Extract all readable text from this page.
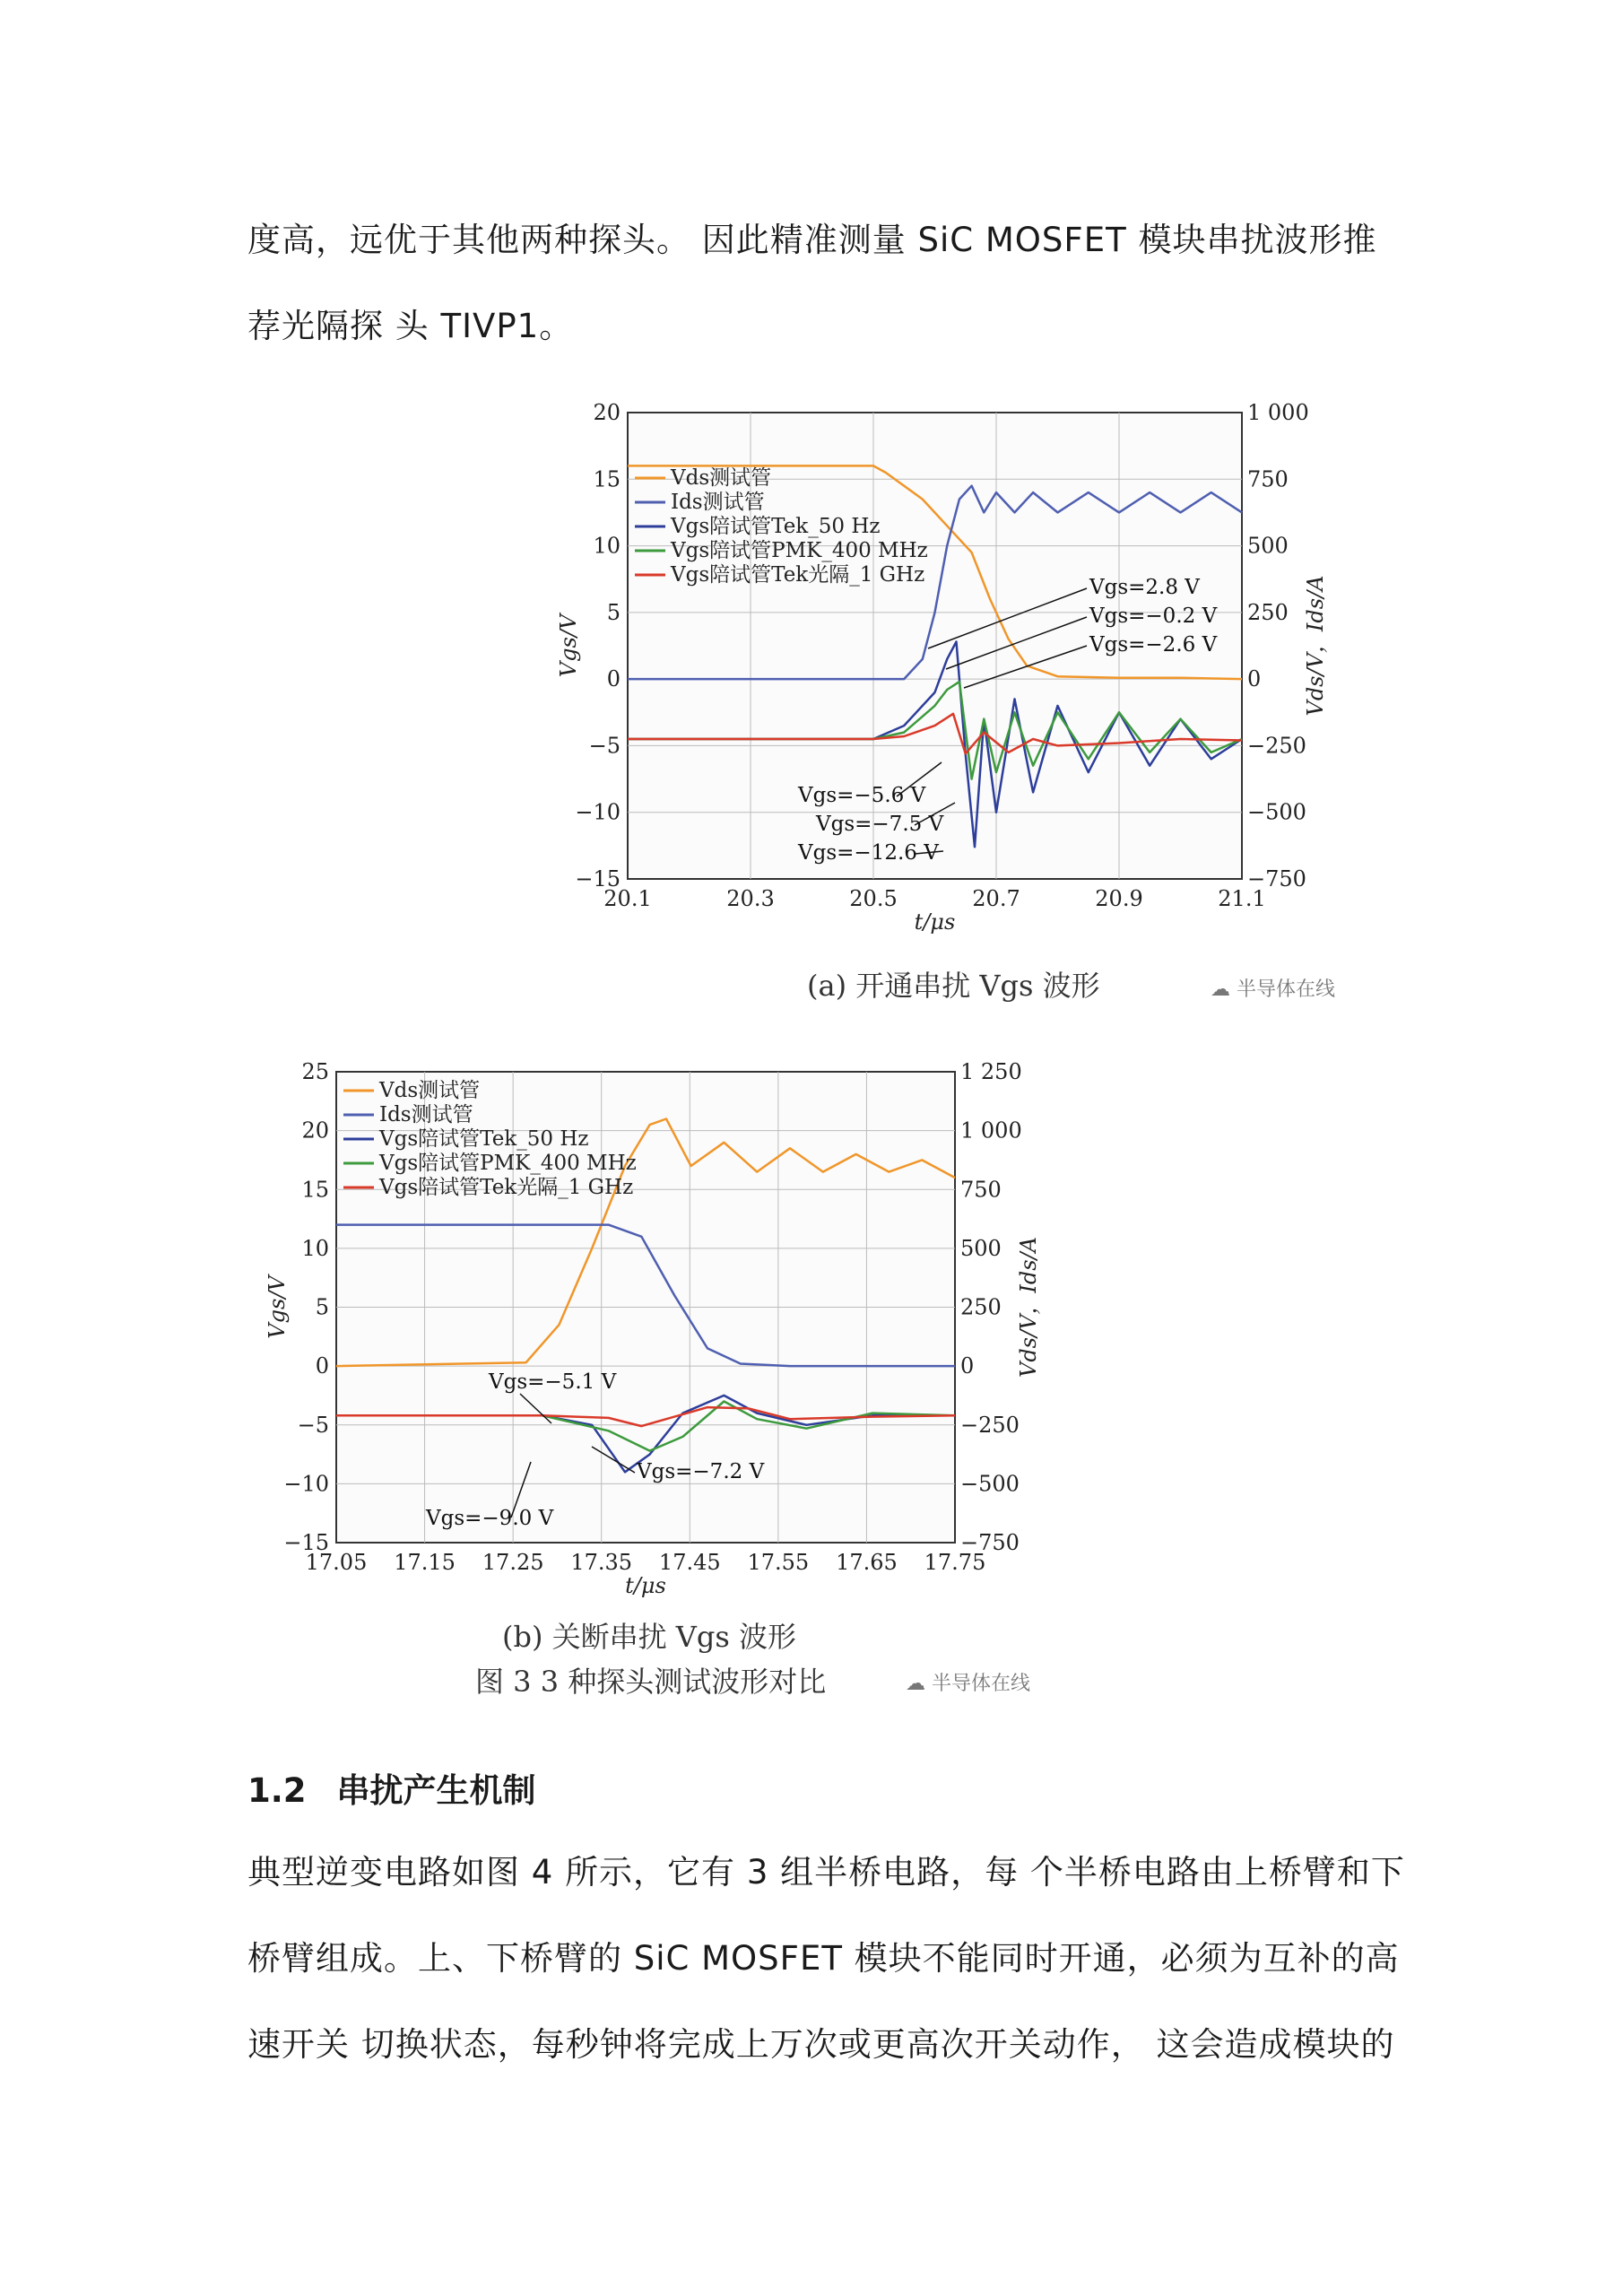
度高，远优于其他两种探头。 因此精准测量 SiC MOSFET 模块串扰波形推
荐光隔探 头 TIVP1。
20.1	20.3	20.5	20.7	20.9	21.1
20
15
10
5
0
−5
−10
−15
1 000
750
500
250
0
−250
−500
−750
t/μs
Vgs/V	Vds/V，Ids/A
Vds测试管
Ids测试管
Vgs陪试管Tek_50 Hz
Vgs陪试管PMK_400 MHz
Vgs陪试管Tek光隔_1 GHz
Vgs=2.8 V
Vgs=−0.2 V
Vgs=−2.6 V
Vgs=−5.6 V
Vgs=−7.5 V
Vgs=−12.6 V
(a) 开通串扰 Vgs 波形	☁ 半导体在线
17.05 17.15 17.25 17.35 17.45 17.55 17.65 17.75
25
20
15
10
5
0
−5
−10
−15
1 250
1 000
750
500
250
0
−250
−500
−750
t/μs
Vgs/V	Vds/V，Ids/A
Vds测试管
Ids测试管
Vgs陪试管Tek_50 Hz
Vgs陪试管PMK_400 MHz
Vgs陪试管Tek光隔_1 GHz
Vgs=−5.1 V
Vgs=−7.2 V
Vgs=−9.0 V
(b) 关断串扰 Vgs 波形
图 3 3 种探头测试波形对比	☁ 半导体在线
1.2 串扰产生机制
典型逆变电路如图 4 所示，它有 3 组半桥电路，每 个半桥电路由上桥臂和下
桥臂组成。上、下桥臂的 SiC MOSFET 模块不能同时开通，必须为互补的高
速开关 切换状态，每秒钟将完成上万次或更高次开关动作， 这会造成模块的
